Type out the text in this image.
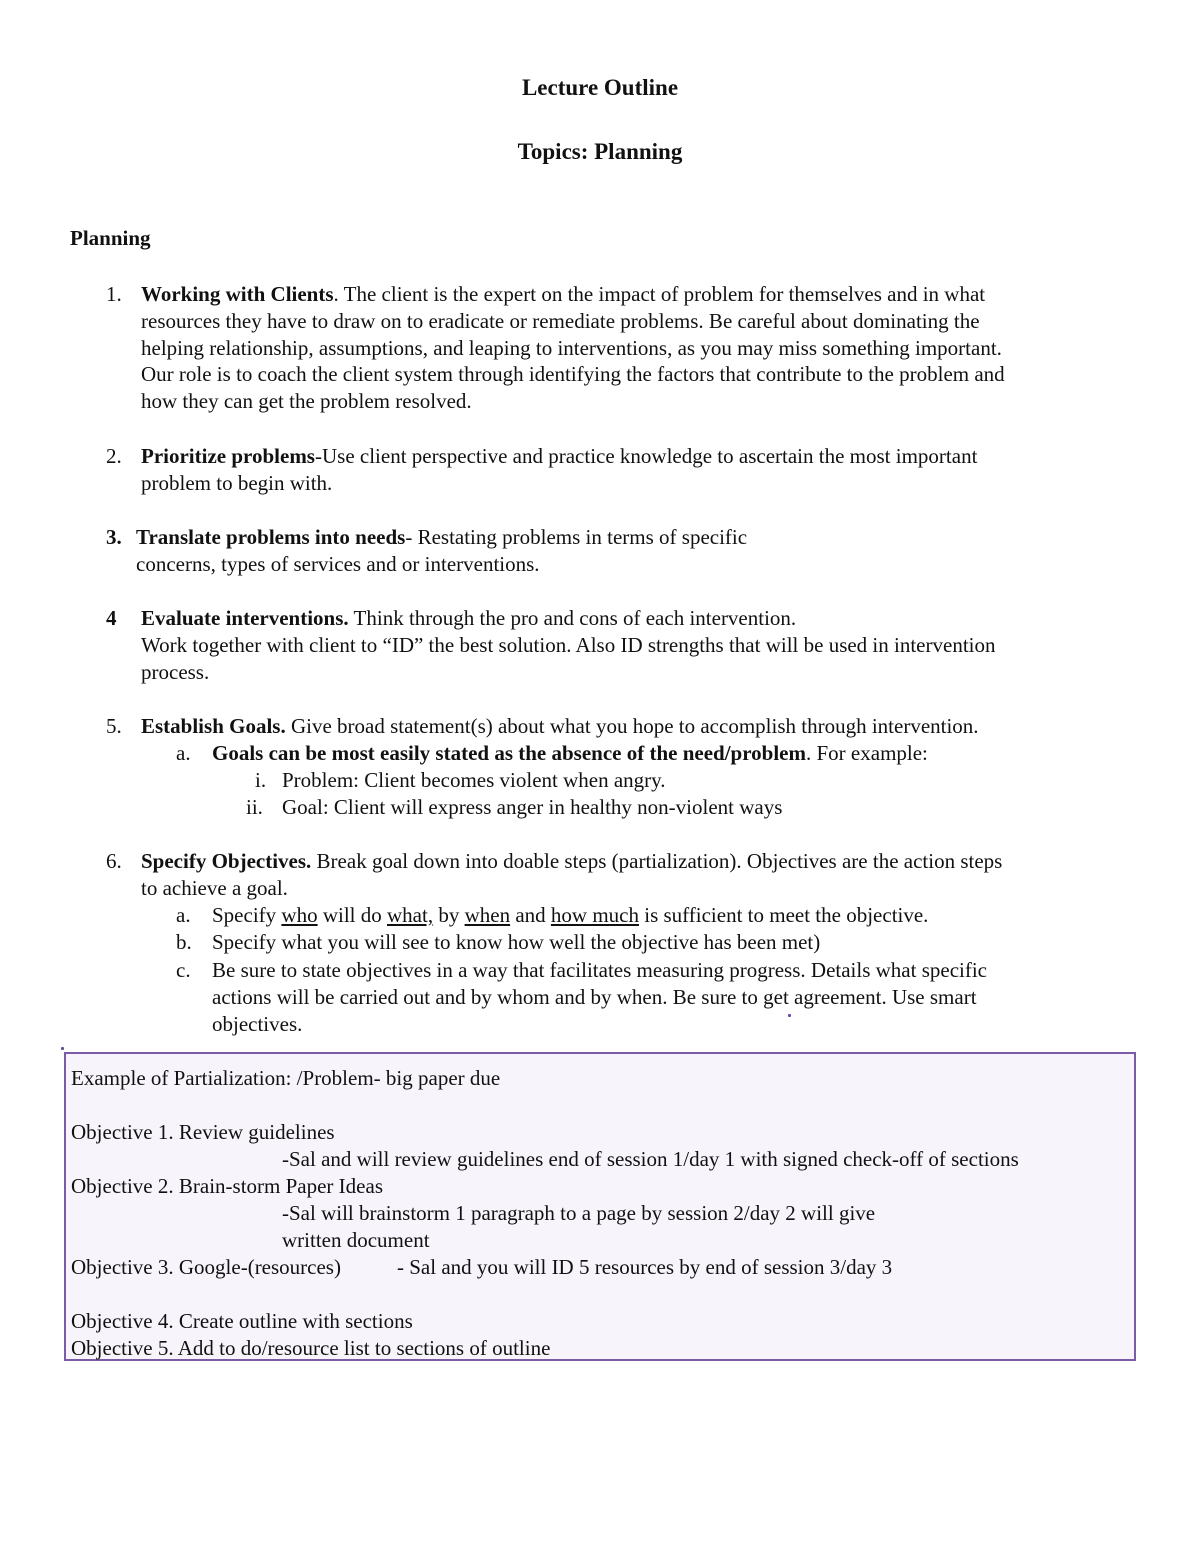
Lecture Outline
Topics: Planning
Planning
1. Working with Clients. The client is the expert on the impact of problem for themselves and in what
resources they have to draw on to eradicate or remediate problems. Be careful about dominating the
helping relationship, assumptions, and leaping to interventions, as you may miss something important.
Our role is to coach the client system through identifying the factors that contribute to the problem and
how they can get the problem resolved.
2. Prioritize problems-Use client perspective and practice knowledge to ascertain the most important
problem to begin with.
3. Translate problems into needs- Restating problems in terms of specific
concerns, types of services and or interventions.
4 Evaluate interventions. Think through the pro and cons of each intervention.
Work together with client to “ID” the best solution. Also ID strengths that will be used in intervention
process.
5. Establish Goals. Give broad statement(s) about what you hope to accomplish through intervention.
a. Goals can be most easily stated as the absence of the need/problem. For example:
i. Problem: Client becomes violent when angry.
ii. Goal: Client will express anger in healthy non-violent ways
6. Specify Objectives. Break goal down into doable steps (partialization). Objectives are the action steps
to achieve a goal.
a. Specify who will do what, by when and how much is sufficient to meet the objective.
b. Specify what you will see to know how well the objective has been met)
c. Be sure to state objectives in a way that facilitates measuring progress. Details what specific
actions will be carried out and by whom and by when. Be sure to get agreement. Use smart
objectives.
Example of Partialization: /Problem- big paper due
Objective 1. Review guidelines
-Sal and will review guidelines end of session 1/day 1 with signed check-off of sections
Objective 2. Brain-storm Paper Ideas
-Sal will brainstorm 1 paragraph to a page by session 2/day 2 will give
written document
Objective 3. Google-(resources)	- Sal and you will ID 5 resources by end of session 3/day 3
Objective 4. Create outline with sections
Objective 5. Add to do/resource list to sections of outline
